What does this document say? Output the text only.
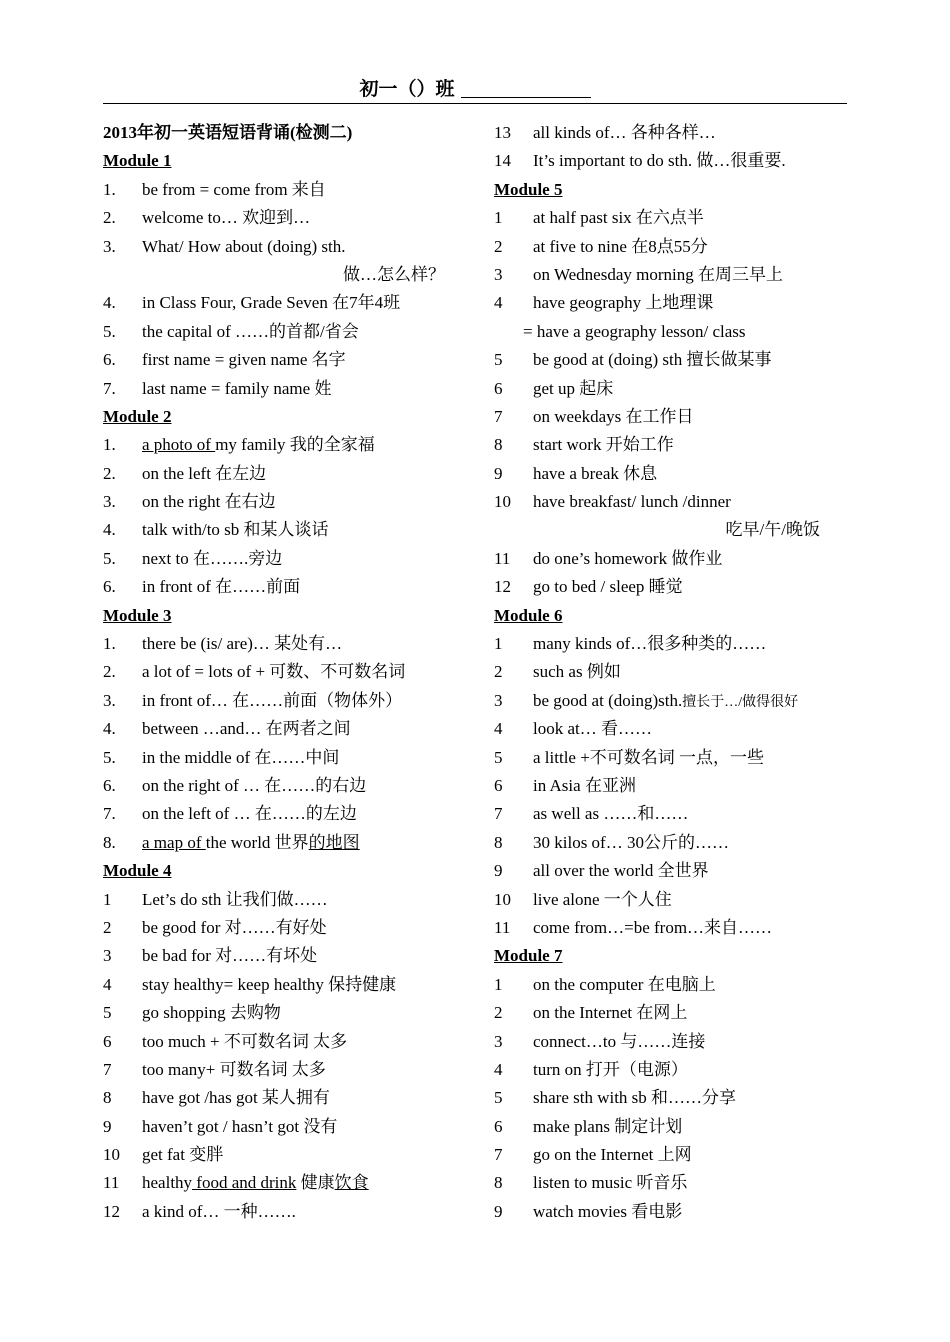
初一（）班
2013年初一英语短语背诵(检测二)
Module 1
1. be from = come from 来自
2. welcome to… 欢迎到…
3. What/ How about (doing) sth.
做…怎么样？
4. in Class Four, Grade Seven 在7年4班
5. the capital of ……的首都/省会
6. first name = given name 名字
7. last name = family name 姓
Module 2
1. a photo of my family 我的全家福
2. on the left 在左边
3. on the right 在右边
4. talk with/to sb 和某人谈话
5. next to 在…….旁边
6. in front of 在……前面
Module 3
1. there be (is/ are)… 某处有…
2. a lot of = lots of + 可数、不可数名词
3. in front of… 在……前面（物体外）
4. between …and… 在两者之间
5. in the middle of 在……中间
6. on the right of … 在……的右边
7. on the left of … 在……的左边
8. a map of the world 世界的地图
Module 4
1 Let’s do sth 让我们做……
2 be good for 对……有好处
3 be bad for 对……有坏处
4 stay healthy= keep healthy 保持健康
5 go shopping 去购物
6 too much + 不可数名词 太多
7 too many+ 可数名词 太多
8 have got /has got 某人拥有
9 haven’t got / hasn’t got 没有
10 get fat 变胖
11 healthy food and drink 健康饮食
12 a kind of… 一种…….
13 all kinds of… 各种各样…
14 It’s important to do sth. 做…很重要.
Module 5
1 at half past six 在六点半
2 at five to nine 在8点55分
3 on Wednesday morning 在周三早上
4 have geography 上地理课
= have a geography lesson/ class
5 be good at (doing) sth 擅长做某事
6 get up 起床
7 on weekdays 在工作日
8 start work 开始工作
9 have a break 休息
10 have breakfast/ lunch /dinner
吃早/午/晚饭
11 do one’s homework 做作业
12 go to bed / sleep 睡觉
Module 6
1 many kinds of…很多种类的……
2 such as 例如
3 be good at (doing)sth.擅长于…/做得很好
4 look at… 看……
5 a little +不可数名词 一点，一些
6 in Asia 在亚洲
7 as well as ……和……
8 30 kilos of… 30公斤的……
9 all over the world 全世界
10 live alone 一个人住
11 come from…=be from…来自……
Module 7
1 on the computer 在电脑上
2 on the Internet 在网上
3 connect…to 与……连接
4 turn on 打开（电源）
5 share sth with sb 和……分享
6 make plans 制定计划
7 go on the Internet 上网
8 listen to music 听音乐
9 watch movies 看电影
